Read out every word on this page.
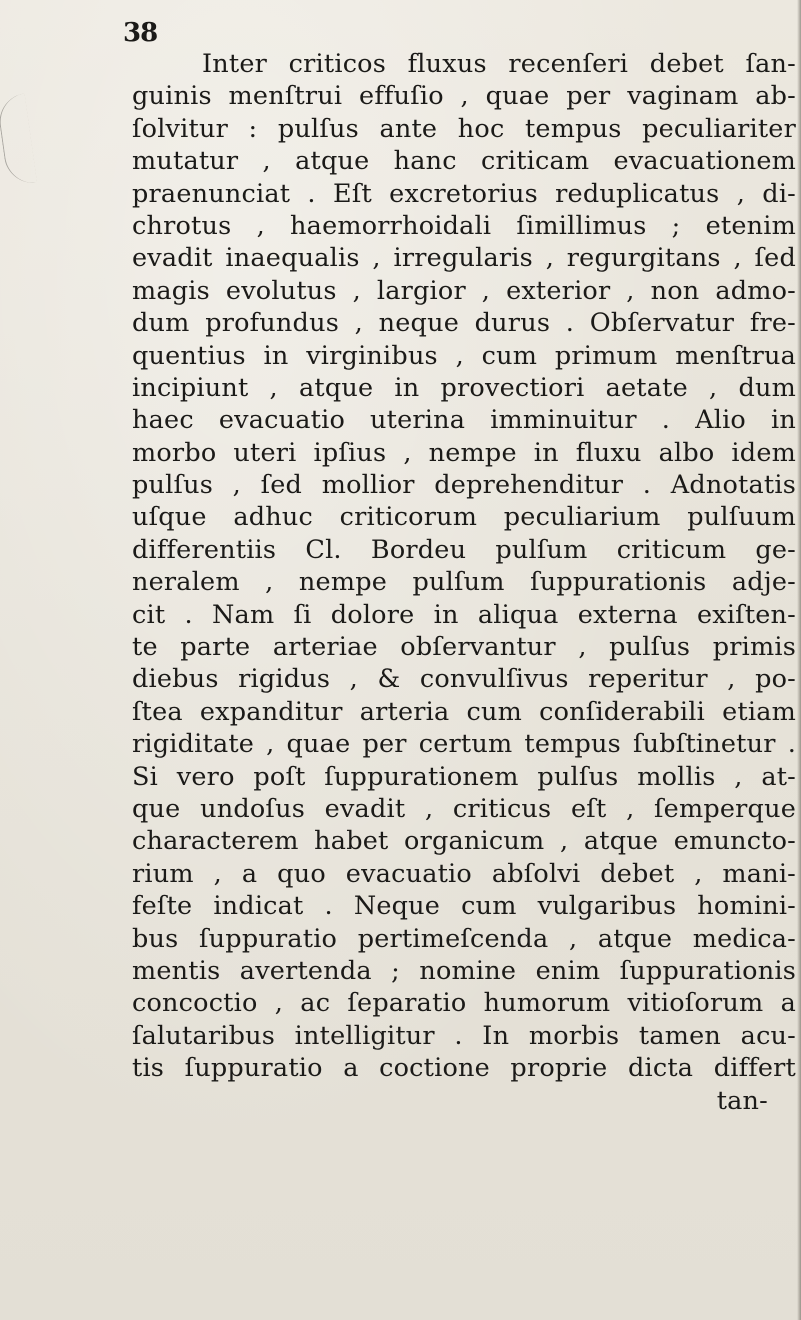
38
Inter criticos fluxus recenſeri debet ſan-
guinis menſtrui effuſio , quae per vaginam ab-
ſolvitur : pulſus ante hoc tempus peculiariter
mutatur , atque hanc criticam evacuationem
praenunciat . Eſt excretorius reduplicatus , di-
chrotus , haemorrhoidali ſimillimus ; etenim
evadit inaequalis , irregularis , regurgitans , ſed
magis evolutus , largior , exterior , non admo-
dum profundus , neque durus . Obſervatur fre-
quentius in virginibus , cum primum menſtrua
incipiunt , atque in provectiori aetate , dum
haec evacuatio uterina imminuitur . Alio in
morbo uteri ipſius , nempe in fluxu albo idem
pulſus , ſed mollior deprehenditur . Adnotatis
uſque adhuc criticorum peculiarium pulſuum
differentiis Cl. Bordeu pulſum criticum ge-
neralem , nempe pulſum ſuppurationis adje-
cit . Nam ſi dolore in aliqua externa exiſten-
te parte arteriae obſervantur , pulſus primis
diebus rigidus , & convulſivus reperitur , po-
ſtea expanditur arteria cum conſiderabili etiam
rigiditate , quae per certum tempus ſubſtinetur .
Si vero poſt ſuppurationem pulſus mollis , at-
que undoſus evadit , criticus eſt , ſemperque
characterem habet organicum , atque emuncto-
rium , a quo evacuatio abſolvi debet , mani-
feſte indicat . Neque cum vulgaribus homini-
bus ſuppuratio pertimeſcenda , atque medica-
mentis avertenda ; nomine enim ſuppurationis
concoctio , ac ſeparatio humorum vitioſorum a
ſalutaribus intelligitur . In morbis tamen acu-
tis ſuppuratio a coctione proprie dicta differt
tan-
